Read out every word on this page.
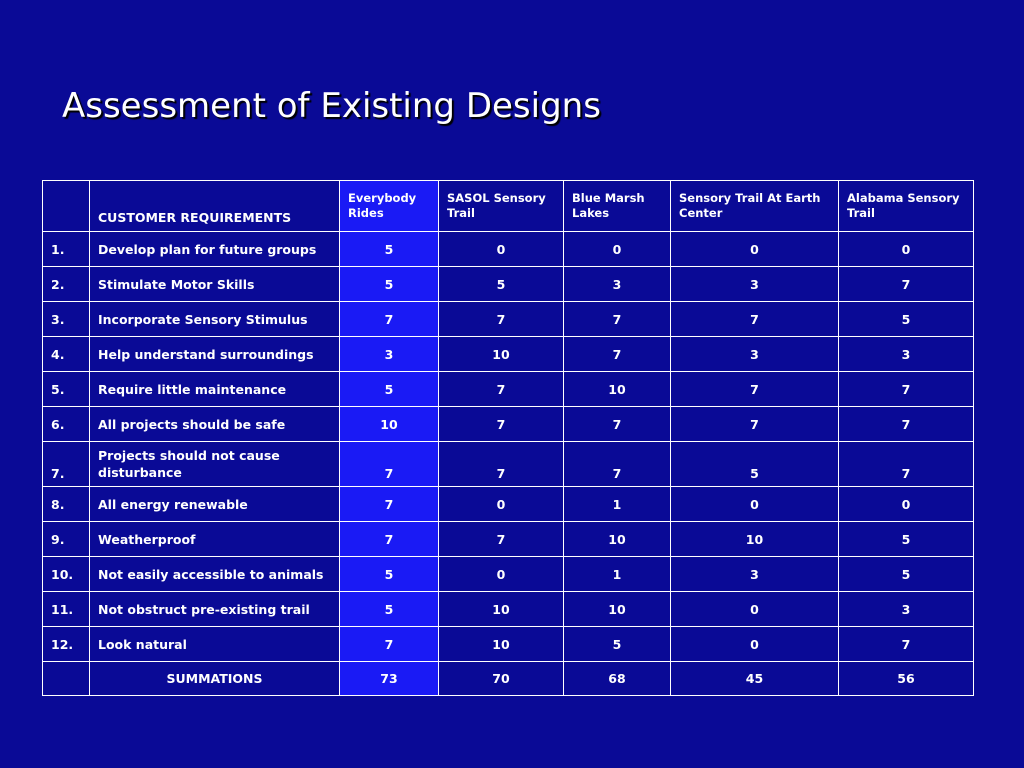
Assessment of Existing Designs
	CUSTOMER REQUIREMENTS	Everybody Rides	SASOL Sensory Trail	Blue Marsh Lakes	Sensory Trail At Earth Center	Alabama Sensory Trail
1.	Develop plan for future groups	5	0	0	0	0
2.	Stimulate Motor Skills	5	5	3	3	7
3.	Incorporate Sensory Stimulus	7	7	7	7	5
4.	Help understand surroundings	3	10	7	3	3
5.	Require little maintenance	5	7	10	7	7
6.	All projects should be safe	10	7	7	7	7
7.	Projects should not cause disturbance	7	7	7	5	7
8.	All energy renewable	7	0	1	0	0
9.	Weatherproof	7	7	10	10	5
10.	Not easily accessible to animals	5	0	1	3	5
11.	Not obstruct pre-existing trail	5	10	10	0	3
12.	Look natural	7	10	5	0	7
	SUMMATIONS	73	70	68	45	56
